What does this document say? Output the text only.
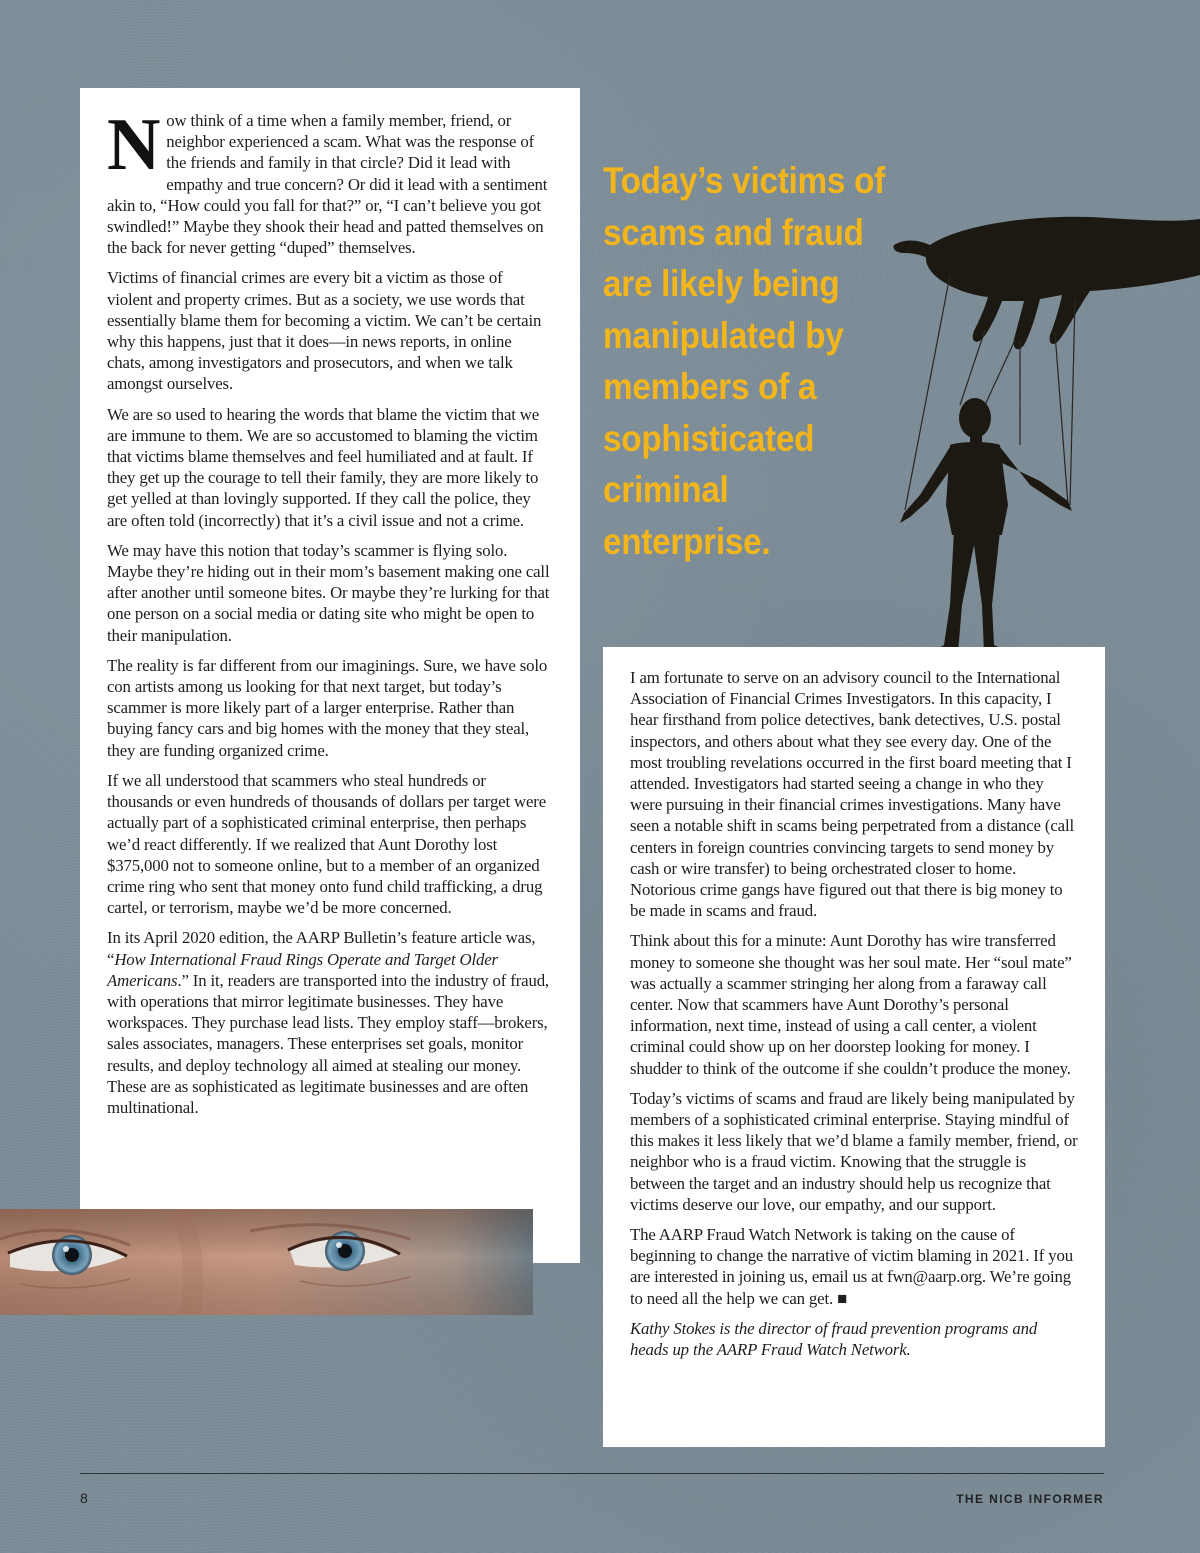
Now think of a time when a family member, friend, or neighbor experienced a scam. What was the response of the friends and family in that circle? Did it lead with empathy and true concern? Or did it lead with a sentiment akin to, “How could you fall for that?” or, “I can’t believe you got swindled!” Maybe they shook their head and patted themselves on the back for never getting “duped” themselves.

Victims of financial crimes are every bit a victim as those of violent and property crimes. But as a society, we use words that essentially blame them for becoming a victim. We can’t be certain why this happens, just that it does—in news reports, in online chats, among investigators and prosecutors, and when we talk amongst ourselves.

We are so used to hearing the words that blame the victim that we are immune to them. We are so accustomed to blaming the victim that victims blame themselves and feel humiliated and at fault. If they get up the courage to tell their family, they are more likely to get yelled at than lovingly supported. If they call the police, they are often told (incorrectly) that it’s a civil issue and not a crime.

We may have this notion that today’s scammer is flying solo. Maybe they’re hiding out in their mom’s basement making one call after another until someone bites. Or maybe they’re lurking for that one person on a social media or dating site who might be open to their manipulation.

The reality is far different from our imaginings. Sure, we have solo con artists among us looking for that next target, but today’s scammer is more likely part of a larger enterprise. Rather than buying fancy cars and big homes with the money that they steal, they are funding organized crime.

If we all understood that scammers who steal hundreds or thousands or even hundreds of thousands of dollars per target were actually part of a sophisticated criminal enterprise, then perhaps we’d react differently. If we realized that Aunt Dorothy lost $375,000 not to someone online, but to a member of an organized crime ring who sent that money onto fund child trafficking, a drug cartel, or terrorism, maybe we’d be more concerned.

In its April 2020 edition, the AARP Bulletin’s feature article was, “How International Fraud Rings Operate and Target Older Americans.” In it, readers are transported into the industry of fraud, with operations that mirror legitimate businesses. They have workspaces. They purchase lead lists. They employ staff—brokers, sales associates, managers. These enterprises set goals, monitor results, and deploy technology all aimed at stealing our money. These are as sophisticated as legitimate businesses and are often multinational.

Today’s victims of scams and fraud are likely being manipulated by members of a sophisticated criminal enterprise.

I am fortunate to serve on an advisory council to the International Association of Financial Crimes Investigators. In this capacity, I hear firsthand from police detectives, bank detectives, U.S. postal inspectors, and others about what they see every day. One of the most troubling revelations occurred in the first board meeting that I attended. Investigators had started seeing a change in who they were pursuing in their financial crimes investigations. Many have seen a notable shift in scams being perpetrated from a distance (call centers in foreign countries convincing targets to send money by cash or wire transfer) to being orchestrated closer to home. Notorious crime gangs have figured out that there is big money to be made in scams and fraud.

Think about this for a minute: Aunt Dorothy has wire transferred money to someone she thought was her soul mate. Her “soul mate” was actually a scammer stringing her along from a faraway call center. Now that scammers have Aunt Dorothy’s personal information, next time, instead of using a call center, a violent criminal could show up on her doorstep looking for money. I shudder to think of the outcome if she couldn’t produce the money.

Today’s victims of scams and fraud are likely being manipulated by members of a sophisticated criminal enterprise. Staying mindful of this makes it less likely that we’d blame a family member, friend, or neighbor who is a fraud victim. Knowing that the struggle is between the target and an industry should help us recognize that victims deserve our love, our empathy, and our support.

The AARP Fraud Watch Network is taking on the cause of beginning to change the narrative of victim blaming in 2021. If you are interested in joining us, email us at fwn@aarp.org. We’re going to need all the help we can get. ■

Kathy Stokes is the director of fraud prevention programs and heads up the AARP Fraud Watch Network.

8	THE NICB INFORMER
